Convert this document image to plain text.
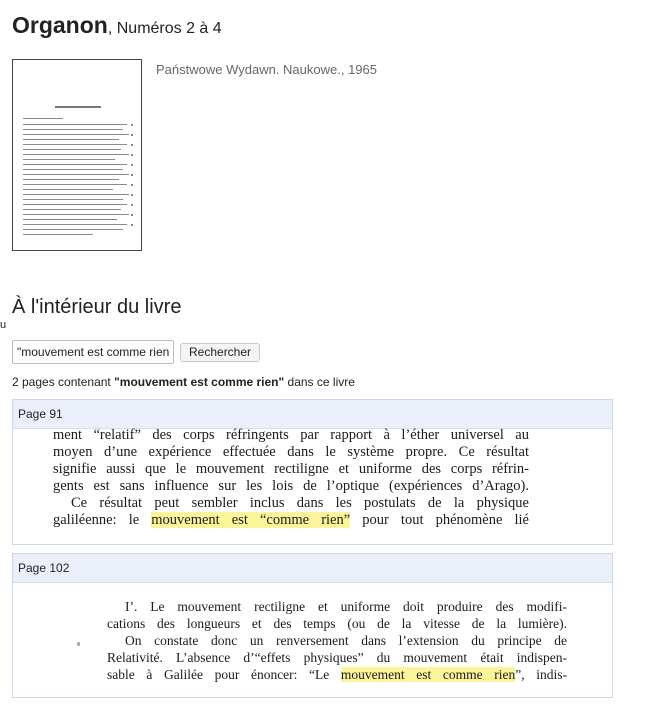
Organon, Numéros 2 à 4
Państwowe Wydawn. Naukowe., 1965
À l'intérieur du livre
u
"mouvement est comme rien"
Rechercher
2 pages contenant "mouvement est comme rien" dans ce livre
Page 91

ment “relatif” des corps réfringents par rapport à l’éther universel au

moyen d’une expérience effectuée dans le système propre. Ce résultat

signifie aussi que le mouvement rectiligne et uniforme des corps réfrin-

gents est sans influence sur les lois de l’optique (expériences d’Arago).

Ce résultat peut sembler inclus dans les postulats de la physique

galiléenne: le mouvement est “comme rien” pour tout phénomène lié

Page 102

I’. Le mouvement rectiligne et uniforme doit produire des modifi-

cations des longueurs et des temps (ou de la vitesse de la lumière).

On constate donc un renversement dans l’extension du principe de

Relativité. L’absence d’“effets physiques” du mouvement était indispen-

sable à Galilée pour énoncer: “Le mouvement est comme rien”, indis-
